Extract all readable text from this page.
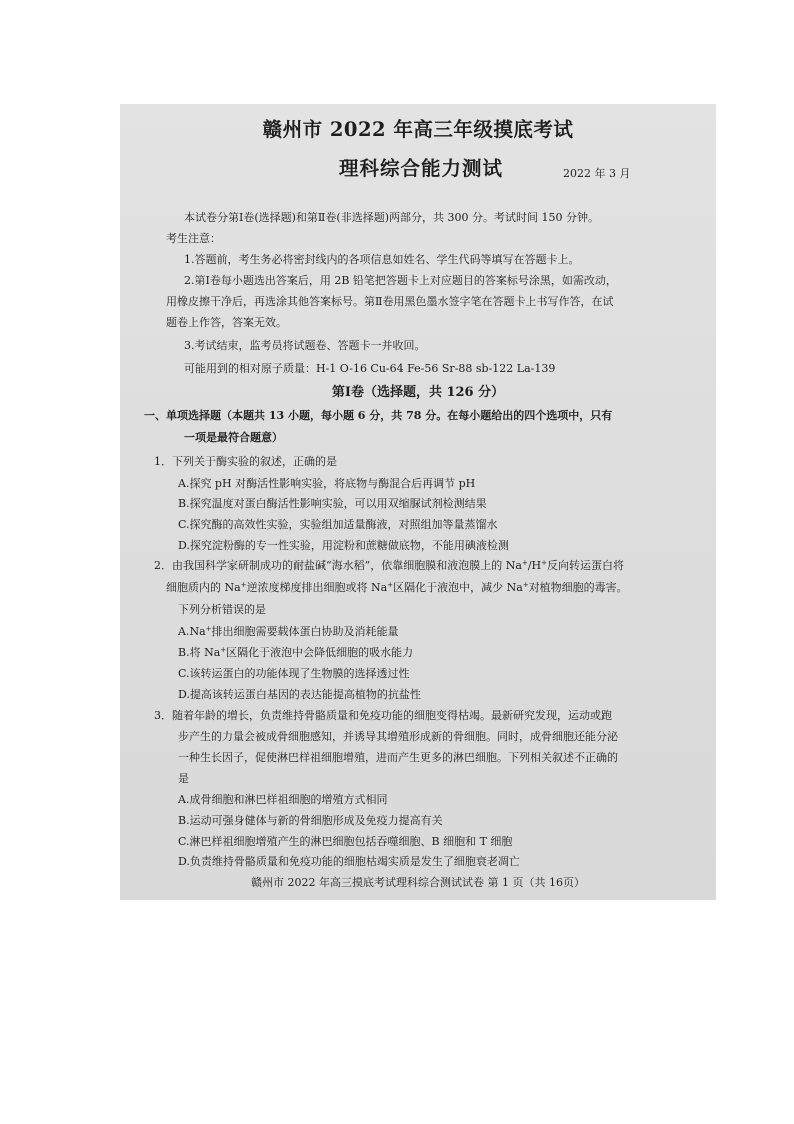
赣州市 2022 年高三年级摸底考试
理科综合能力测试	2022 年 3 月
本试卷分第Ⅰ卷(选择题)和第Ⅱ卷(非选择题)两部分，共 300 分。考试时间 150 分钟。
考生注意：
1.答题前，考生务必将密封线内的各项信息如姓名、学生代码等填写在答题卡上。
2.第Ⅰ卷每小题选出答案后，用 2B 铅笔把答题卡上对应题目的答案标号涂黑，如需改动，
用橡皮擦干净后，再选涂其他答案标号。第Ⅱ卷用黑色墨水签字笔在答题卡上书写作答，在试
题卷上作答，答案无效。
3.考试结束，监考员将试题卷、答题卡一并收回。
可能用到的相对原子质量：H-1 O-16 Cu-64 Fe-56 Sr-88 sb-122 La-139
第Ⅰ卷（选择题，共 126 分）
一、单项选择题（本题共 13 小题，每小题 6 分，共 78 分。在每小题给出的四个选项中，只有
一项是最符合题意）
1．下列关于酶实验的叙述，正确的是
A.探究 pH 对酶活性影响实验，将底物与酶混合后再调节 pH
B.探究温度对蛋白酶活性影响实验，可以用双缩脲试剂检测结果
C.探究酶的高效性实验，实验组加适量酶液，对照组加等量蒸馏水
D.探究淀粉酶的专一性实验，用淀粉和蔗糖做底物，不能用碘液检测
2．由我国科学家研制成功的耐盐碱“海水稻”，依靠细胞膜和液泡膜上的 Na+/H+反向转运蛋白将
细胞质内的 Na+逆浓度梯度排出细胞或将 Na+区隔化于液泡中，减少 Na+对植物细胞的毒害。
下列分析错误的是
A.Na+排出细胞需要载体蛋白协助及消耗能量
B.将 Na+区隔化于液泡中会降低细胞的吸水能力
C.该转运蛋白的功能体现了生物膜的选择透过性
D.提高该转运蛋白基因的表达能提高植物的抗盐性
3．随着年龄的增长，负责维持骨骼质量和免疫功能的细胞变得枯竭。最新研究发现，运动或跑
步产生的力量会被成骨细胞感知，并诱导其增殖形成新的骨细胞。同时，成骨细胞还能分泌
一种生长因子，促使淋巴样祖细胞增殖，进而产生更多的淋巴细胞。下列相关叙述不正确的
是
A.成骨细胞和淋巴样祖细胞的增殖方式相同
B.运动可强身健体与新的骨细胞形成及免疫力提高有关
C.淋巴样祖细胞增殖产生的淋巴细胞包括吞噬细胞、B 细胞和 T 细胞
D.负责维持骨骼质量和免疫功能的细胞枯竭实质是发生了细胞衰老凋亡
赣州市 2022 年高三摸底考试理科综合测试试卷 第 1 页（共 16页）
